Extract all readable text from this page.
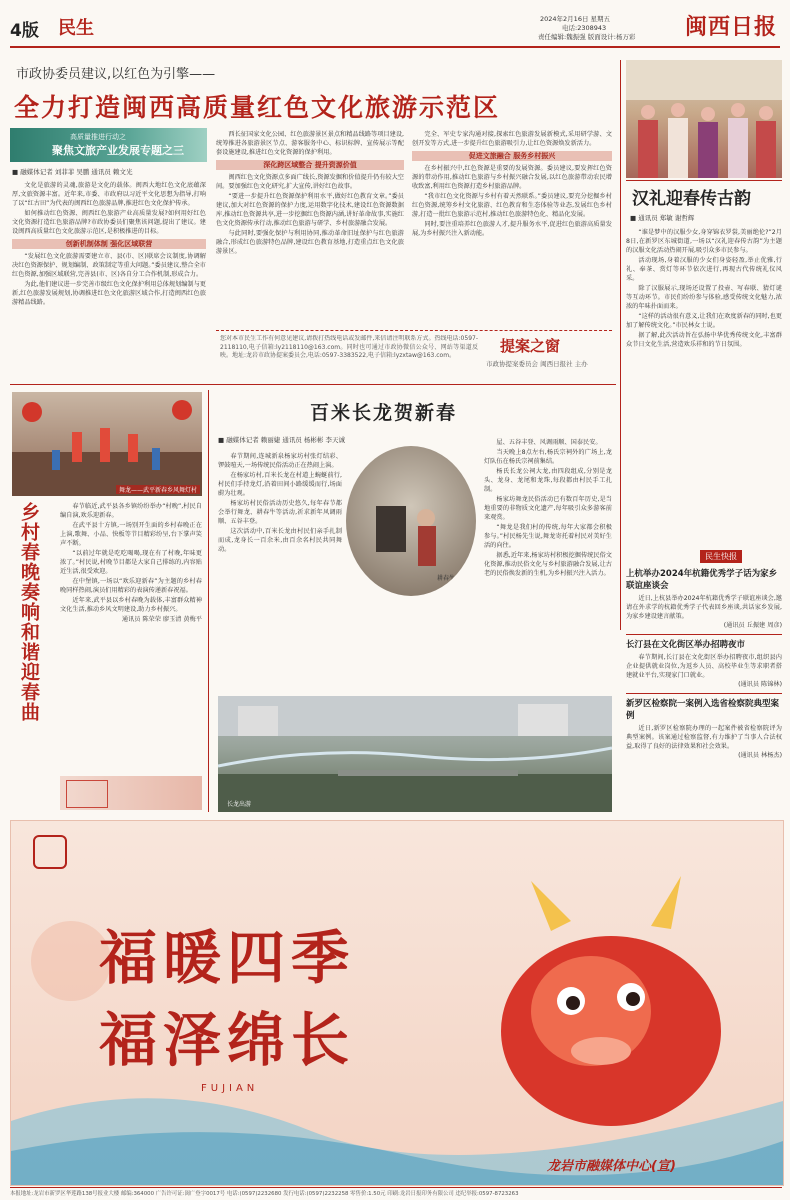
4版 民生	2024年2月16日 星期五
电话:2308943
责任编辑:魏振强 版面设计:杨万彩 闽西日报
市政协委员建议,以红色为引擎——
全力打造闽西高质量红色文化旅游示范区
高质量推进行动之
聚焦文旅产业发展专题之三
■ 融媒体记者 刘菲菲 吴鹏 通讯员 赖文光

文化是旅游的灵魂,旅游是文化的载体。闽西大地红色文化底蕴深厚,文旅资源丰富。近年来,市委、市政府以习近平文化思想为指导,打响了以“红古田”为代表的闽西红色旅游品牌,推进红色文化保护传承。

如何推动红色资源、闽西红色旅游产业高质量发展?如何用好红色文化资源打造红色旅游品牌?市政协委员们聚焦该问题,提出了建议。建设闽西高质量红色文化旅游示范区,是积极推进的目标。

创新机制体制 强化区域联营

“发展红色文化旅游需要建立市、县(市、区)联席会议制度,协调解决红色资源保护、规划编制、政策制定等重大问题。”委员建议,整合全市红色资源,加强区域联营,完善县(市、区)各自分工合作机制,形成合力。

为此,他们建议进一步完善市级红色文化保护利用总体规划编制与更新,红色旅游发展规划,协调推进红色文化旅游区域合作,打造闽西红色旅游精品线路。

西长征国家文化公园、红色旅游景区景点和精品线路等项目建设,统筹推进各旅游景区节点、游客服务中心、标识标牌、宣传展示等配套设施建设,推进红色文化资源的保护利用。

深化跨区域整合 提升资源价值

闽西红色文化资源点多面广线长,资源发掘和价值提升仍有较大空间。要加强红色文化研究,扩大宣传,讲好红色故事。

“要进一步提升红色资源保护利用水平,做好红色教育文章。”委员建议,加大对红色资源的保护力度,运用数字化技术,建设红色资源数据库,推动红色资源共享,进一步挖掘红色资源内涵,讲好革命故事,实施红色文化资源传承行动,推动红色旅游与研学、乡村旅游融合发展。

与此同时,要强化保护与利用协同,推动革命旧址保护与红色旅游融合,形成红色旅游特色品牌,建设红色教育基地,打造重点红色文化旅游景区。

完全、军史专家沟通对接,探索红色旅游发展新模式,采用研学游、文创开发等方式,进一步提升红色旅游吸引力,让红色资源焕发新活力。

促进文旅融合 服务乡村振兴

在乡村振兴中,红色资源是重要的发展资源。委员建议,要发挥红色资源的带动作用,推动红色旅游与乡村振兴融合发展,以红色旅游带动农民增收致富,利用红色资源打造乡村旅游品牌。

“我市红色文化资源与乡村有着天然联系。”委员建议,要充分挖掘乡村红色资源,统筹乡村文化旅游、红色教育和生态体验等业态,发展红色乡村游,打造一批红色旅游示范村,推动红色旅游特色化、精品化发展。

同时,要注重培养红色旅游人才,提升服务水平,促进红色旅游高质量发展,为乡村振兴注入新动能。

您对本市民生工作有何意见建议,请拨打热线电话或发邮件,来信请注明联系方式。热线电话:0597-2118110,电子信箱:ly2118110@163.com。同时也可通过市政协微信公众号、网站等渠道反映。地址:龙岩市政协提案委员会,电话:0597-3383522,电子信箱:lyzxtaw@163.com。
提案之窗
市政协提案委员会 闽西日报社 主办
汉礼迎春传古韵
■ 通讯员 郑敏 谢哲辉

“谁是梦中的汉服少女,身穿锦衣罗裳,美丽绝伦?”2月8日,在新罗区东城街道,一场以“汉礼迎春传古韵”为主题的汉服文化活动热闹开展,吸引众多市民参与。

活动现场,身着汉服的少女们身姿轻盈,举止优雅,行礼、奉茶、赏灯等环节依次进行,再现古代传统礼仪风采。

除了汉服展示,现场还设置了投壶、写春联、猜灯谜等互动环节。市民们纷纷参与体验,感受传统文化魅力,浓浓的年味扑面而来。

“这样的活动很有意义,让我们在欢度新春的同时,也更加了解传统文化。”市民林女士说。

据了解,此次活动旨在弘扬中华优秀传统文化,丰富群众节日文化生活,营造欢乐祥和的节日氛围。

舞龙——武平新春乡风舞灯村
乡村春晚奏响和谐迎春曲	春节临近,武平县各乡镇纷纷举办“村晚”,村民自编自演,欢乐迎新春。

在武平县十方镇,一场别开生面的乡村春晚正在上演,歌舞、小品、快板等节目精彩纷呈,台下掌声笑声不断。

“以前过年就是吃吃喝喝,现在有了村晚,年味更浓了。”村民说,村晚节目都是大家自己排练的,内容贴近生活,很受欢迎。

在中堡镇,一场以“欢乐迎新春”为主题的乡村春晚同样热闹,演员们用精彩的表演传递新春祝福。

近年来,武平县以乡村春晚为载体,丰富群众精神文化生活,推动乡风文明建设,助力乡村振兴。

通讯员 陈荣荣 廖玉清 黄梅平
百米长龙贺新春
■ 融媒体记者 赖丽婕 通讯员 杨彬彬 李天诚
耕春牛

春节期间,连城新泉杨家坊村张灯结彩、锣鼓喧天,一场传统民俗活动正在热闹上演。

在杨家坊村,百米长龙在村道上蜿蜒前行,村民们手持龙灯,沿着田间小路缓缓而行,场面蔚为壮观。

杨家坊村民俗活动历史悠久,每年春节都会举行舞龙、耕春牛等活动,祈求新年风调雨顺、五谷丰登。

这次活动中,百米长龙由村民们亲手扎制而成,龙身长一百余米,由百余名村民共同舞动。

屋、五谷丰登、风调雨顺、国泰民安。

当天晚上8点左右,杨氏宗祠外的广场上,龙灯队伍在杨氏宗祠前集结。

杨氏长龙公祠大龙,由四段组成,分别是龙头、龙身、龙尾和龙珠,每段都由村民手工扎制。

杨家坊舞龙民俗活动已有数百年历史,是当地重要的非物质文化遗产,每年吸引众多游客前来观赏。

“舞龙是我们村的传统,每年大家都会积极参与。”村民杨先生说,舞龙寄托着村民对美好生活的向往。

据悉,近年来,杨家坊村积极挖掘传统民俗文化资源,推动民俗文化与乡村旅游融合发展,让古老的民俗焕发新的生机,为乡村振兴注入活力。

长龙出游
民生快报
上杭举办2024年杭籍优秀学子话为家乡联谊座谈会
近日,上杭县举办2024年杭籍优秀学子联谊座谈会,邀请在外求学的杭籍优秀学子代表回乡座谈,共话家乡发展,为家乡建设建言献策。
(通讯员 丘振建 周彦)
长汀县在文化街区举办招聘夜市
春节期间,长汀县在文化街区举办招聘夜市,组织县内企业提供就业岗位,为返乡人员、高校毕业生等求职者搭建就业平台,实现家门口就业。
(通讯员 陈锦林)
新罗区检察院一案例入选省检察院典型案例
近日,新罗区检察院办理的一起案件被省检察院评为典型案例。该案通过检察监督,有力维护了当事人合法权益,取得了良好的法律效果和社会效果。
(通讯员 林杨杰)
福暖四季
福泽绵长
FUJIAN
龙岩市融媒体中心(宣)
本报地址:龙岩市新罗区华莲路138号报业大楼 邮编:364000 广告许可证:闽广登字0017号 电话:(0597)2232680 发行电话:(0597)2232258 零售价:1.50元 印刷:龙岩日报印务有限公司 违纪举报:0597-8723263
